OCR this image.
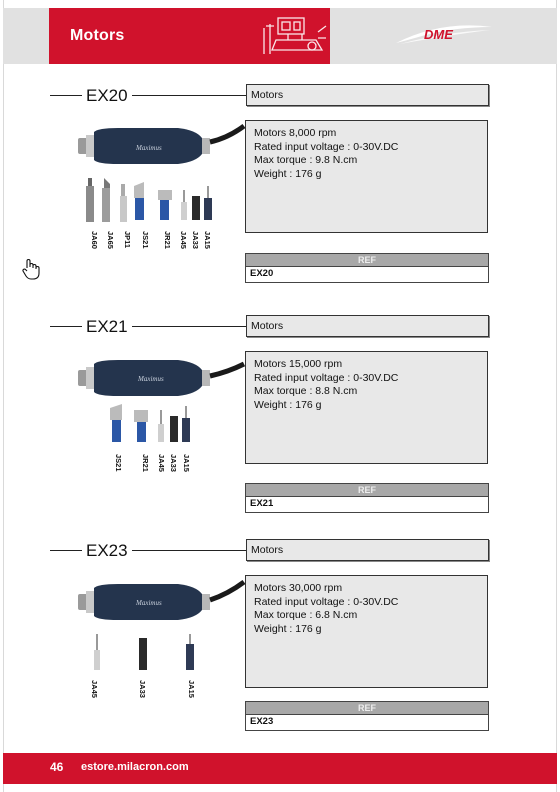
Motors	DME
EX20	Motors
Maximus
JA60 JA65 JP11 JS21 JR21 JA45 JA33 JA15
Motors 8,000 rpm
Rated input voltage : 0-30V.DC
Max torque : 9.8 N.cm
Weight : 176 g
REF
EX20
EX21	Motors
Maximus
JS21 JR21 JA45 JA33 JA15
Motors 15,000 rpm
Rated input voltage : 0-30V.DC
Max torque : 8.8 N.cm
Weight : 176 g
REF
EX21
EX23	Motors
Maximus
JA45	JA33	JA15
Motors 30,000 rpm
Rated input voltage : 0-30V.DC
Max torque : 6.8 N.cm
Weight : 176 g
REF
EX23
46 estore.milacron.com
